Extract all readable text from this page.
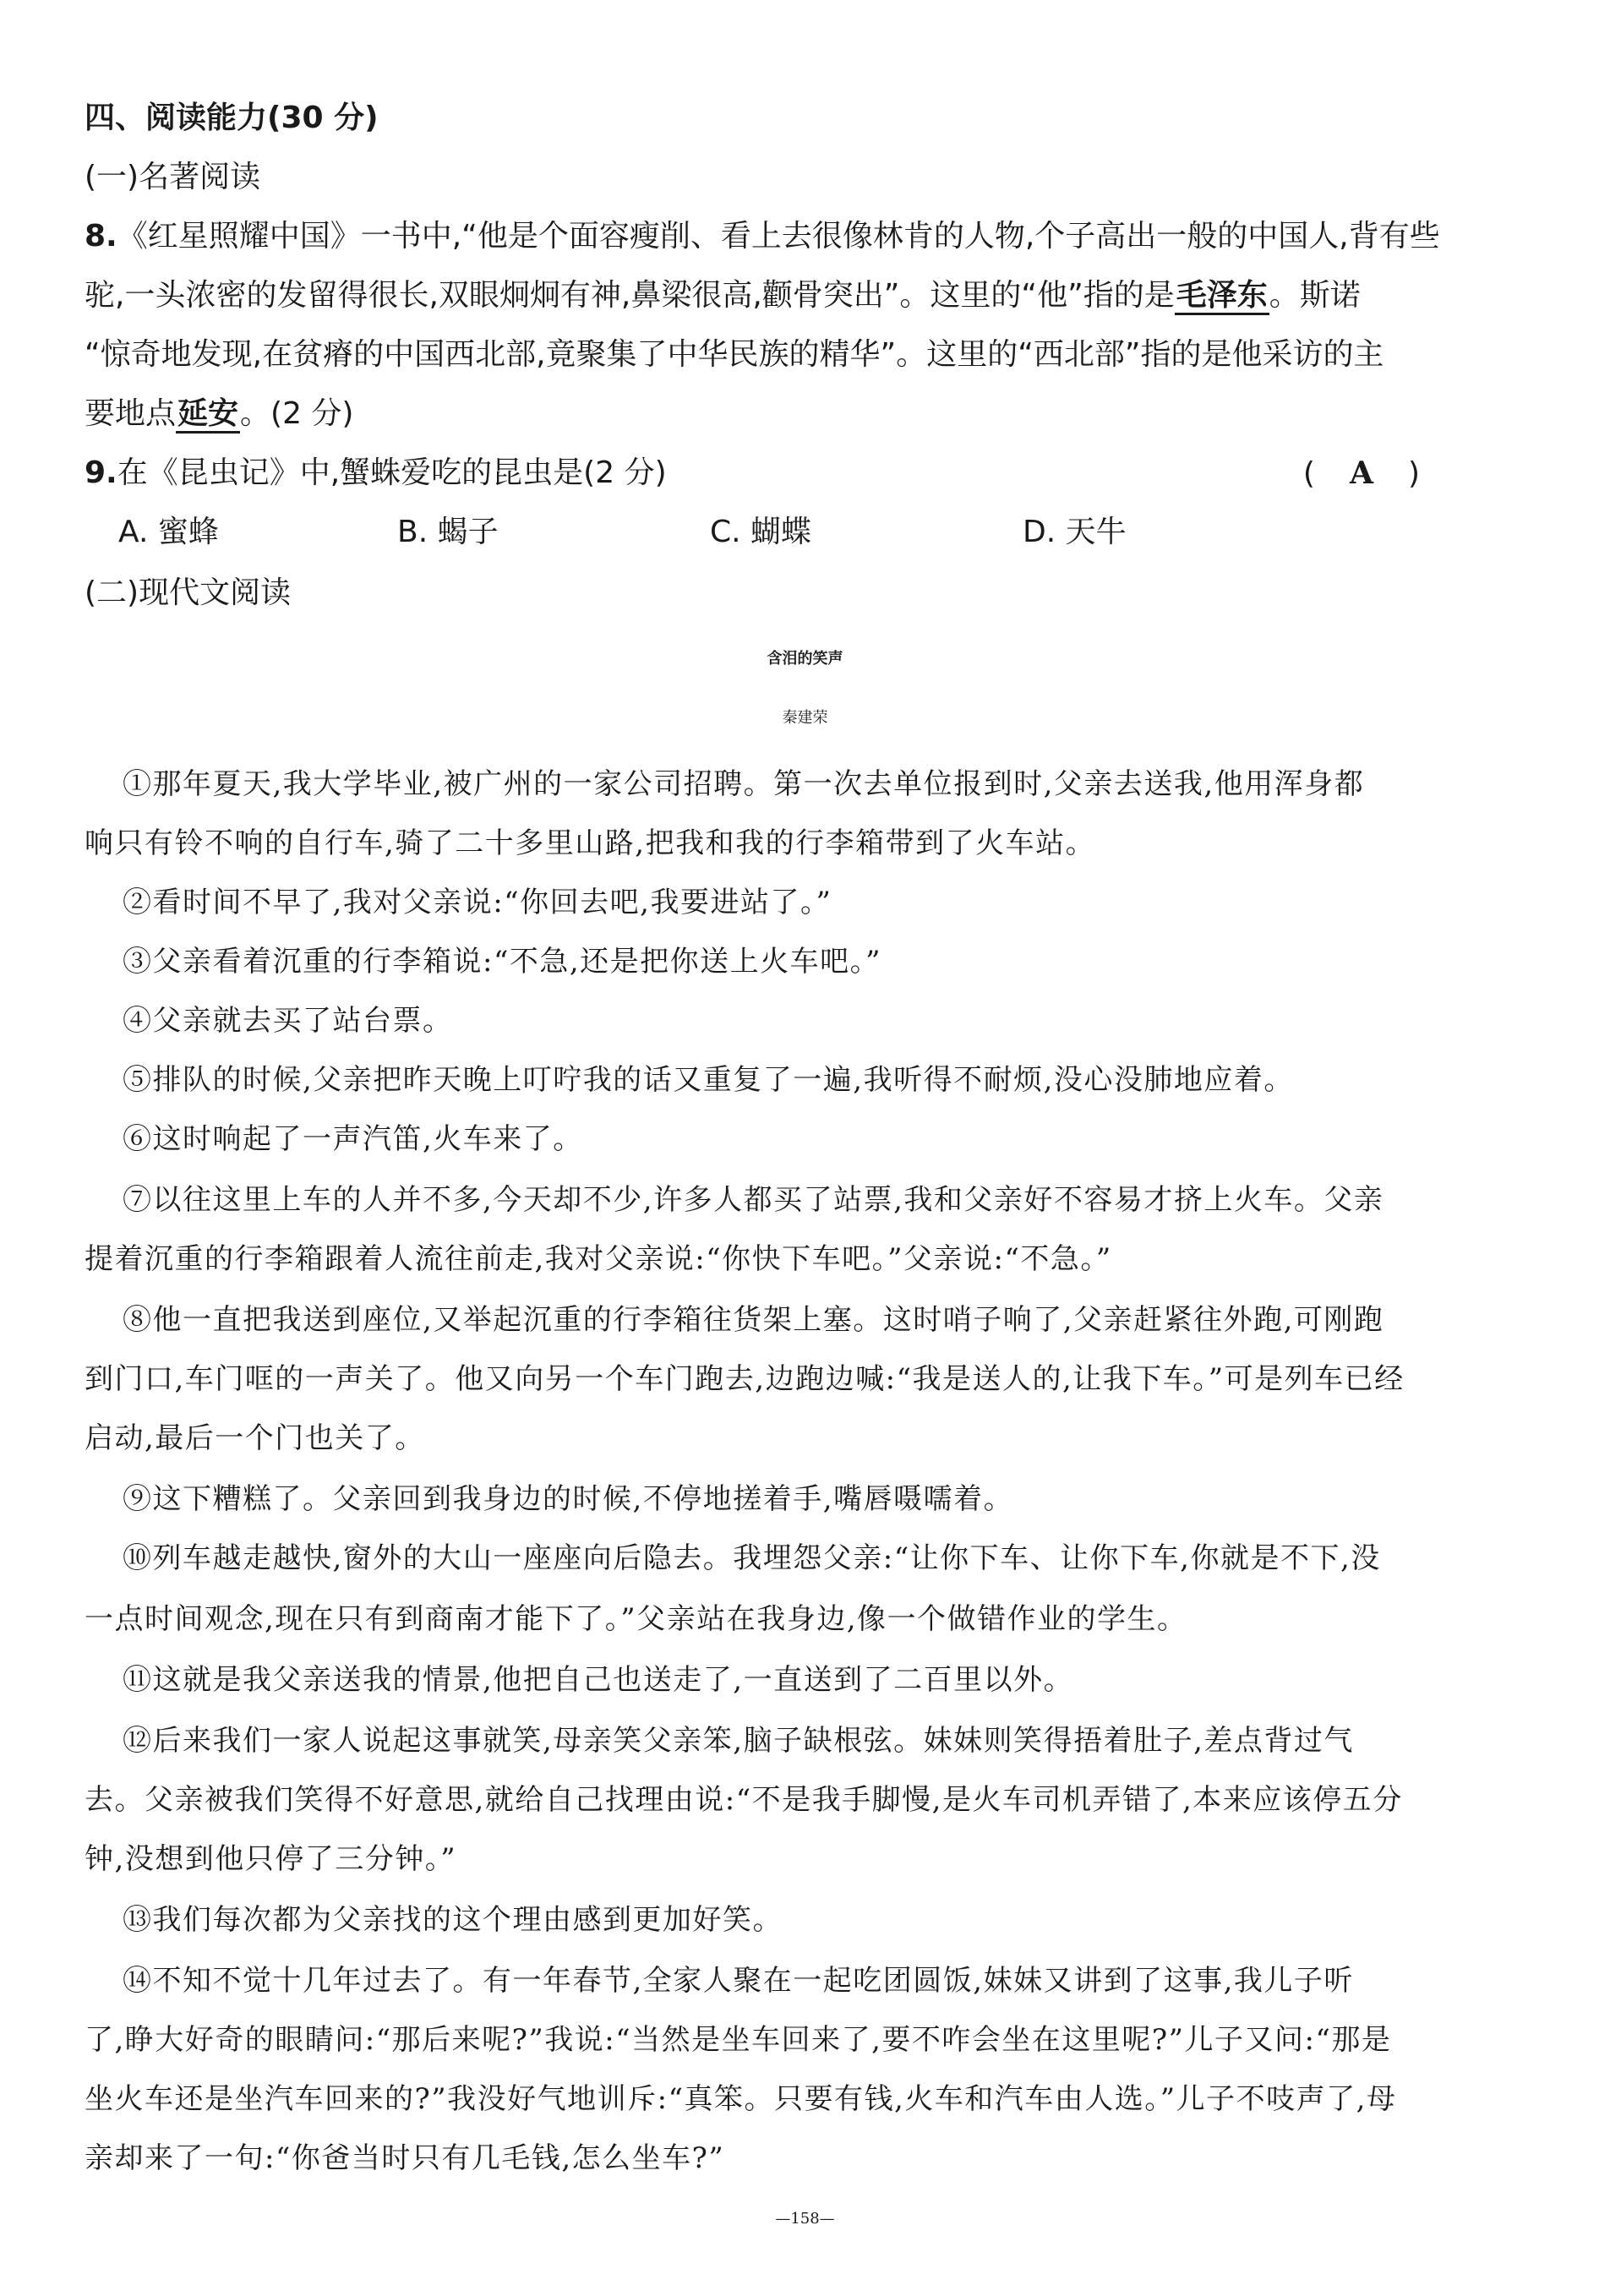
四、阅读能力(30 分)
(一)名著阅读
8.《红星照耀中国》一书中,“他是个面容瘦削、看上去很像林肯的人物,个子高出一般的中国人,背有些
驼,一头浓密的发留得很长,双眼炯炯有神,鼻梁很高,颧骨突出”。这里的“他”指的是毛泽东。斯诺
“惊奇地发现,在贫瘠的中国西北部,竟聚集了中华民族的精华”。这里的“西北部”指的是他采访的主
要地点延安。(2 分)
9.在《昆虫记》中,蟹蛛爱吃的昆虫是(2 分)	( A )
A. 蜜蜂	B. 蝎子	C. 蝴蝶	D. 天牛
(二)现代文阅读
含泪的笑声
秦建荣
①那年夏天,我大学毕业,被广州的一家公司招聘。第一次去单位报到时,父亲去送我,他用浑身都
响只有铃不响的自行车,骑了二十多里山路,把我和我的行李箱带到了火车站。
②看时间不早了,我对父亲说:“你回去吧,我要进站了。”
③父亲看着沉重的行李箱说:“不急,还是把你送上火车吧。”
④父亲就去买了站台票。
⑤排队的时候,父亲把昨天晚上叮咛我的话又重复了一遍,我听得不耐烦,没心没肺地应着。
⑥这时响起了一声汽笛,火车来了。
⑦以往这里上车的人并不多,今天却不少,许多人都买了站票,我和父亲好不容易才挤上火车。父亲
提着沉重的行李箱跟着人流往前走,我对父亲说:“你快下车吧。”父亲说:“不急。”
⑧他一直把我送到座位,又举起沉重的行李箱往货架上塞。这时哨子响了,父亲赶紧往外跑,可刚跑
到门口,车门哐的一声关了。他又向另一个车门跑去,边跑边喊:“我是送人的,让我下车。”可是列车已经
启动,最后一个门也关了。
⑨这下糟糕了。父亲回到我身边的时候,不停地搓着手,嘴唇嗫嚅着。
⑩列车越走越快,窗外的大山一座座向后隐去。我埋怨父亲:“让你下车、让你下车,你就是不下,没
一点时间观念,现在只有到商南才能下了。”父亲站在我身边,像一个做错作业的学生。
⑪这就是我父亲送我的情景,他把自己也送走了,一直送到了二百里以外。
⑫后来我们一家人说起这事就笑,母亲笑父亲笨,脑子缺根弦。妹妹则笑得捂着肚子,差点背过气
去。父亲被我们笑得不好意思,就给自己找理由说:“不是我手脚慢,是火车司机弄错了,本来应该停五分
钟,没想到他只停了三分钟。”
⑬我们每次都为父亲找的这个理由感到更加好笑。
⑭不知不觉十几年过去了。有一年春节,全家人聚在一起吃团圆饭,妹妹又讲到了这事,我儿子听
了,睁大好奇的眼睛问:“那后来呢?”我说:“当然是坐车回来了,要不咋会坐在这里呢?”儿子又问:“那是
坐火车还是坐汽车回来的?”我没好气地训斥:“真笨。只要有钱,火车和汽车由人选。”儿子不吱声了,母
亲却来了一句:“你爸当时只有几毛钱,怎么坐车?”
—158—
